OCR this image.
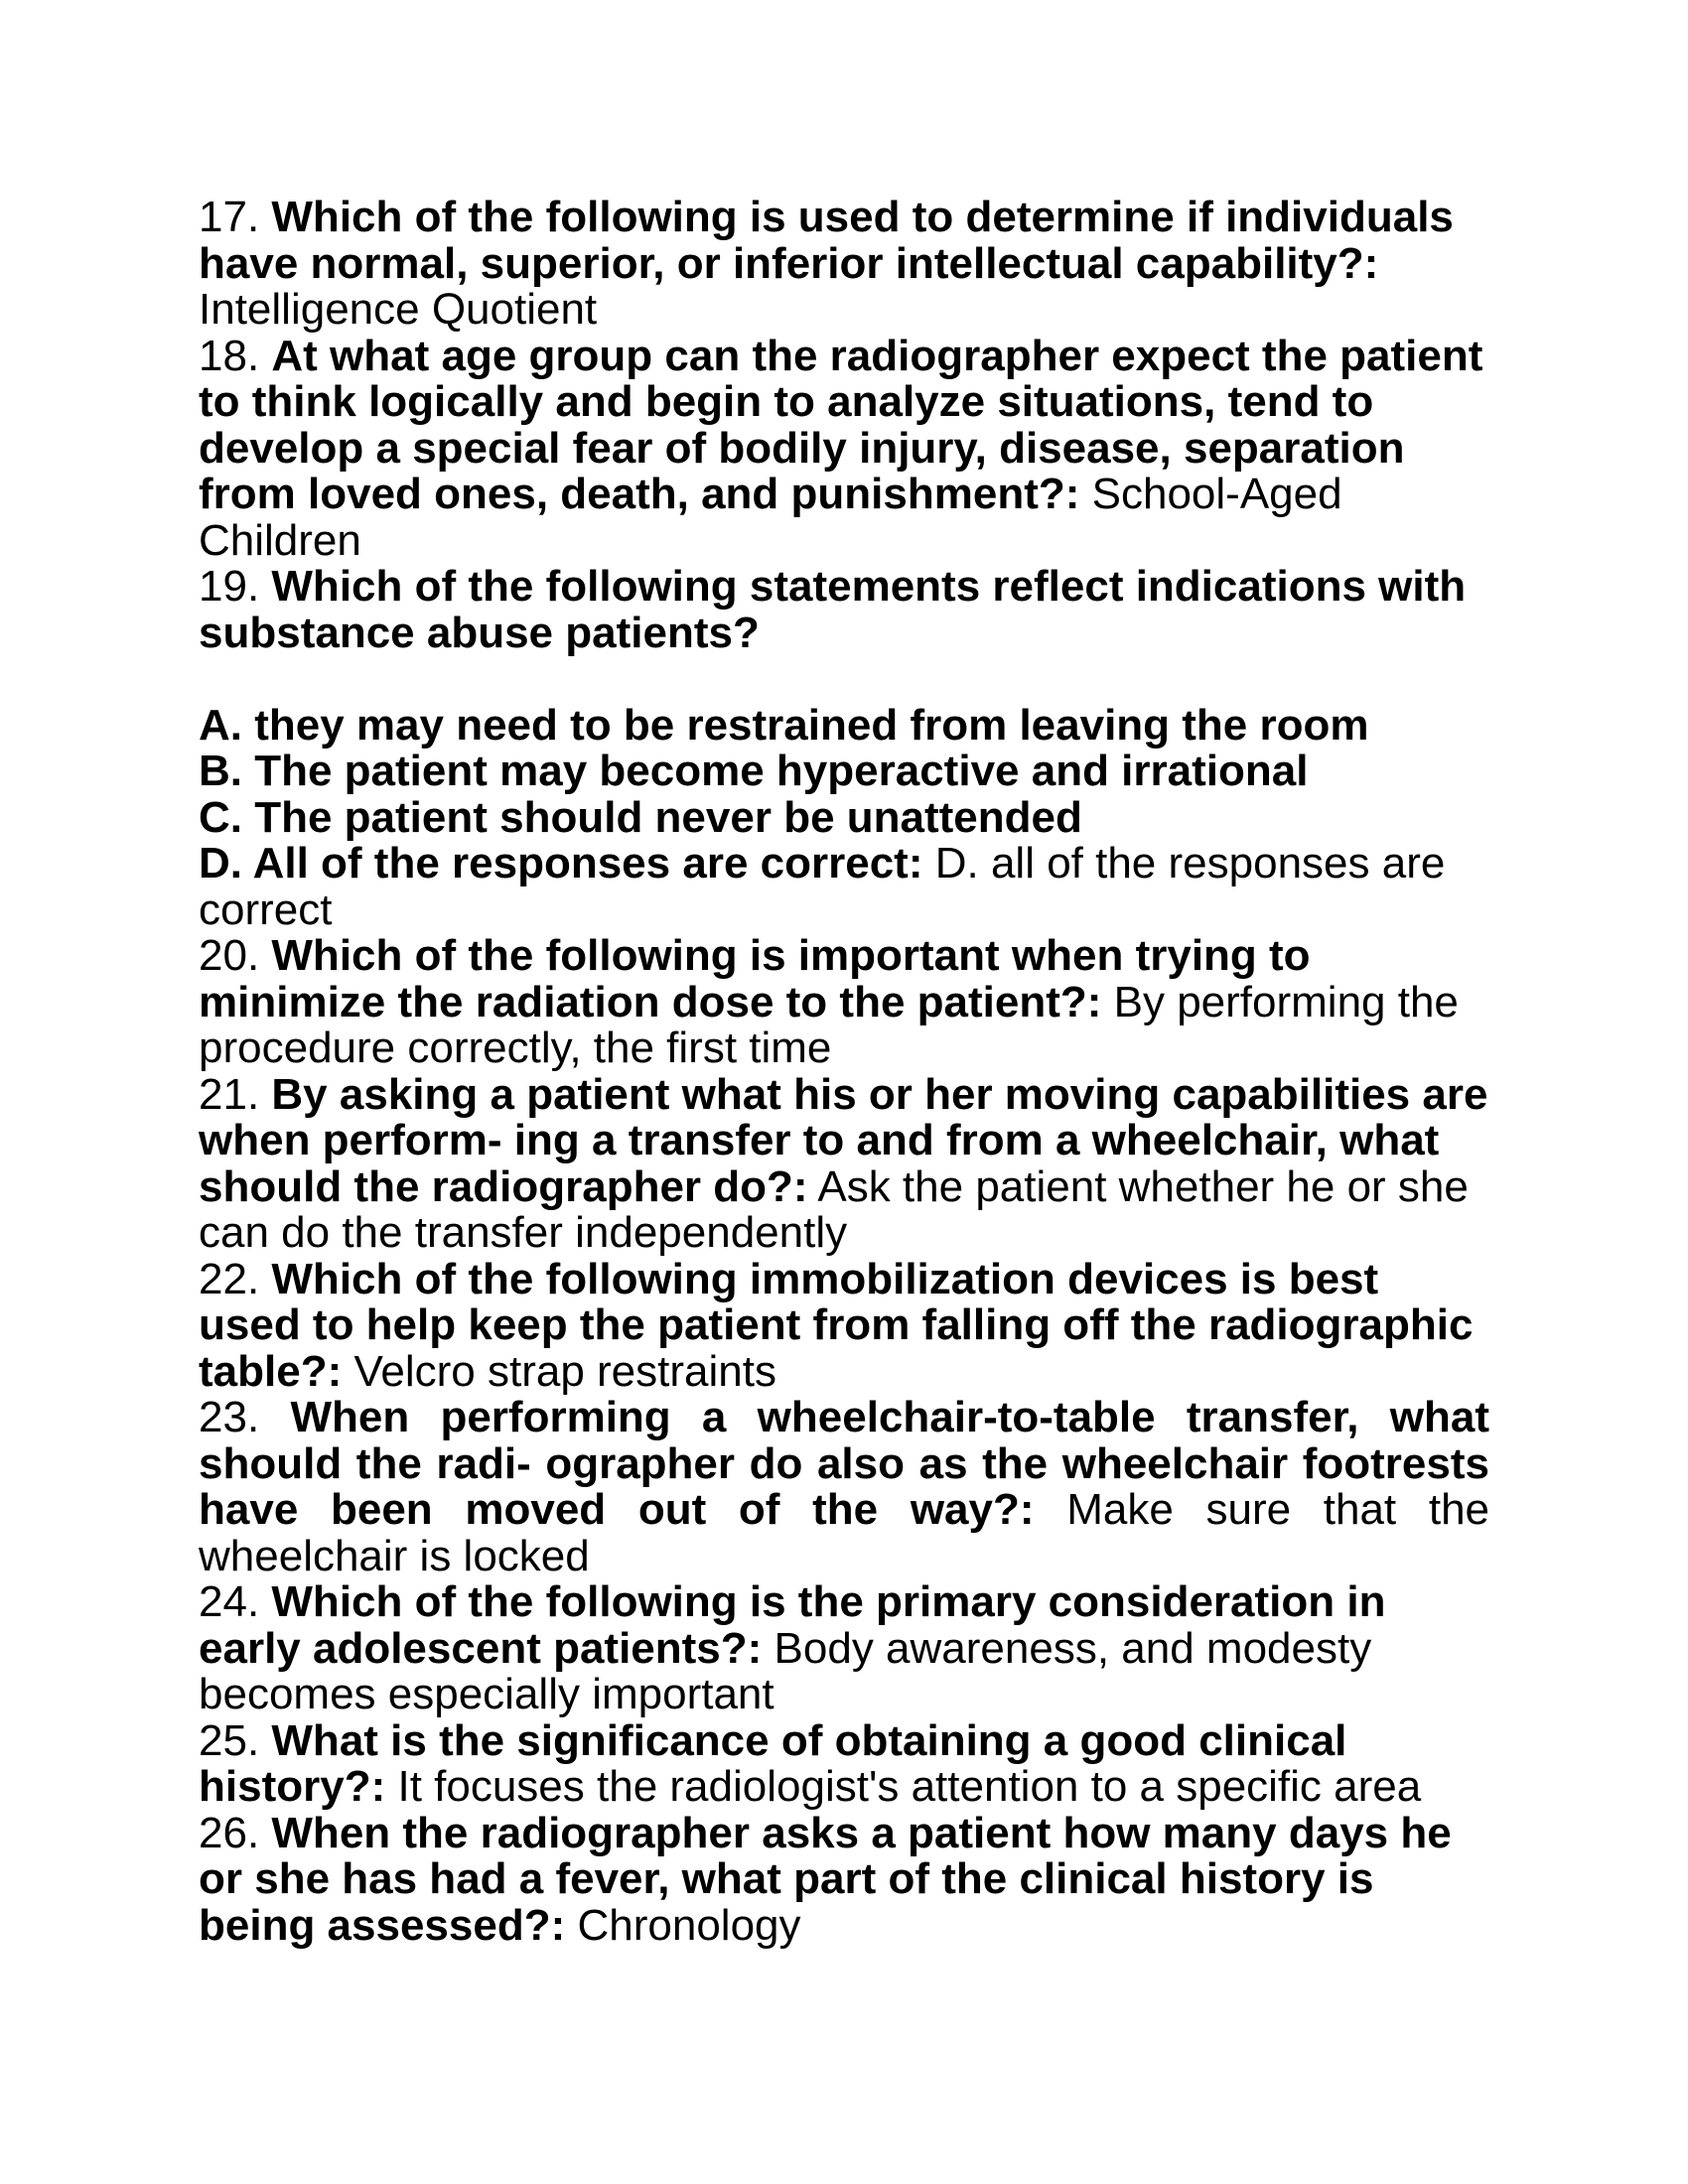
17. Which of the following is used to determine if individuals have normal, superior, or inferior intellectual capability?: Intelligence Quotient

18. At what age group can the radiographer expect the patient to think logically and begin to analyze situations, tend to develop a special fear of bodily injury, disease, separation from loved ones, death, and punishment?: School-Aged Children

19. Which of the following statements reflect indications with substance abuse patients?
A. they may need to be restrained from leaving the room
B. The patient may become hyperactive and irrational
C. The patient should never be unattended
D. All of the responses are correct: D. all of the responses are correct

20. Which of the following is important when trying to minimize the radiation dose to the patient?: By performing the procedure correctly, the first time

21. By asking a patient what his or her moving capabilities are when perform- ing a transfer to and from a wheelchair, what should the radiographer do?: Ask the patient whether he or she can do the transfer independently

22. Which of the following immobilization devices is best used to help keep the patient from falling off the radiographic table?: Velcro strap restraints

23. When performing a wheelchair-to-table transfer, what should the radi- ographer do also as the wheelchair footrests have been moved out of the way?: Make sure that the wheelchair is locked

24. Which of the following is the primary consideration in early adolescent patients?: Body awareness, and modesty becomes especially important

25. What is the significance of obtaining a good clinical history?: It focuses the radiologist's attention to a specific area

26. When the radiographer asks a patient how many days he or she has had a fever, what part of the clinical history is being assessed?: Chronology
